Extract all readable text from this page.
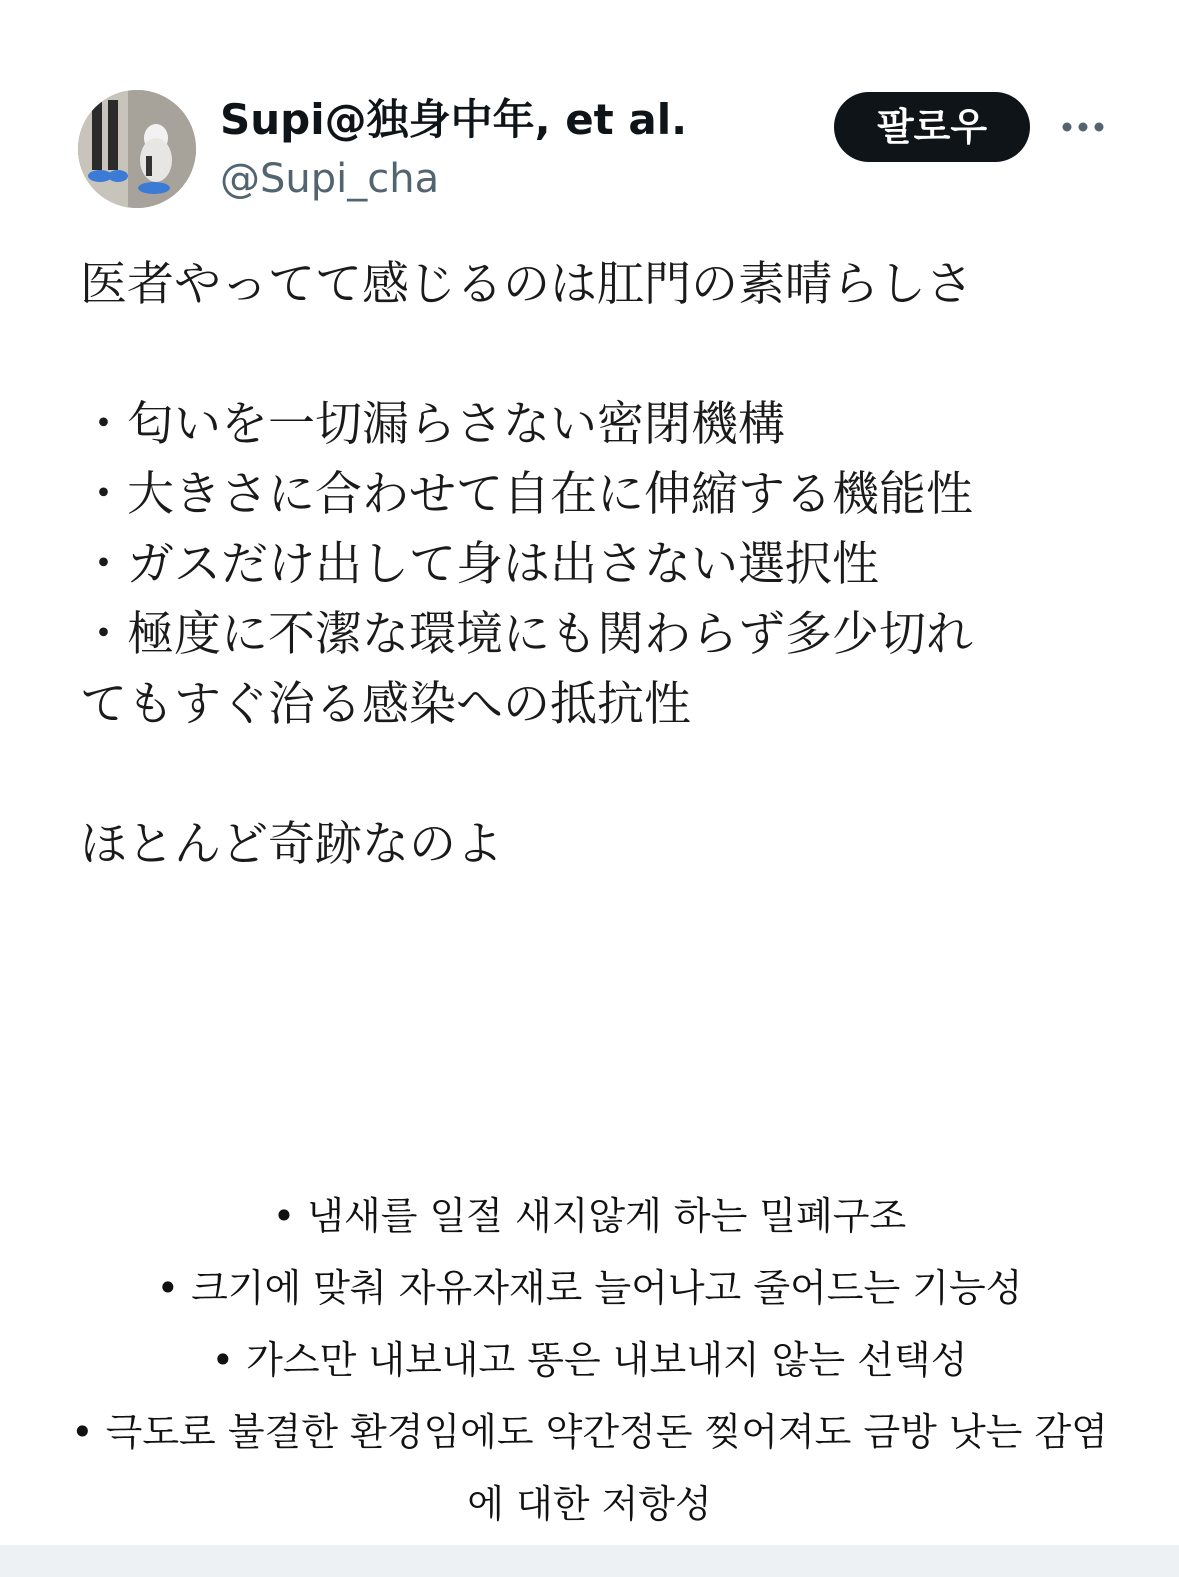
Supi@独身中年, et al.
@Supi_cha
팔로우

医者やってて感じるのは肛門の素晴らしさ

・匂いを一切漏らさない密閉機構

・大きさに合わせて自在に伸縮する機能性

・ガスだけ出して身は出さない選択性

・極度に不潔な環境にも関わらず多少切れ

てもすぐ治る感染への抵抗性

ほとんど奇跡なのよ

• 냄새를 일절 새지않게 하는 밀폐구조

• 크기에 맞춰 자유자재로 늘어나고 줄어드는 기능성

• 가스만 내보내고 똥은 내보내지 않는 선택성

• 극도로 불결한 환경임에도 약간정돈 찢어져도 금방 낫는 감염

에 대한 저항성
